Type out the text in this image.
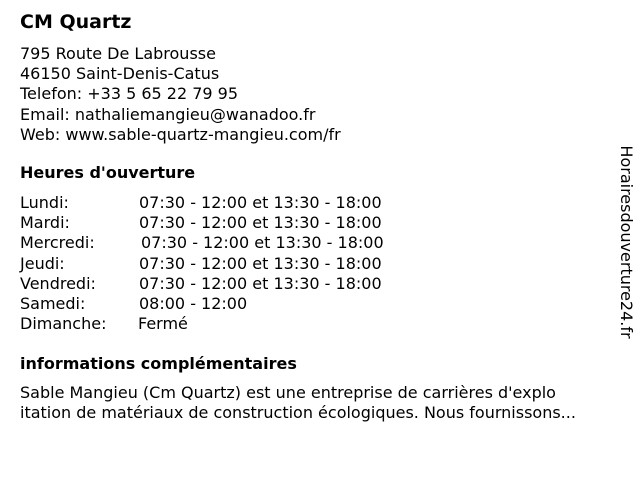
CM Quartz
795 Route De Labrousse
46150 Saint-Denis-Catus
Telefon: +33 5 65 22 79 95
Email: nathaliemangieu@wanadoo.fr
Web: www.sable-quartz-mangieu.com/fr
Heures d'ouverture
Lundi:	07:30 - 12:00 et 13:30 - 18:00
Mardi:	07:30 - 12:00 et 13:30 - 18:00
Mercredi:	07:30 - 12:00 et 13:30 - 18:00
Jeudi:	07:30 - 12:00 et 13:30 - 18:00
Vendredi:	07:30 - 12:00 et 13:30 - 18:00
Samedi:	08:00 - 12:00
Dimanche: Fermé
informations complémentaires
Sable Mangieu (Cm Quartz) est une entreprise de carrières d'explo
itation de matériaux de construction écologiques. Nous fournissons...
Horairesdouverture24.fr
